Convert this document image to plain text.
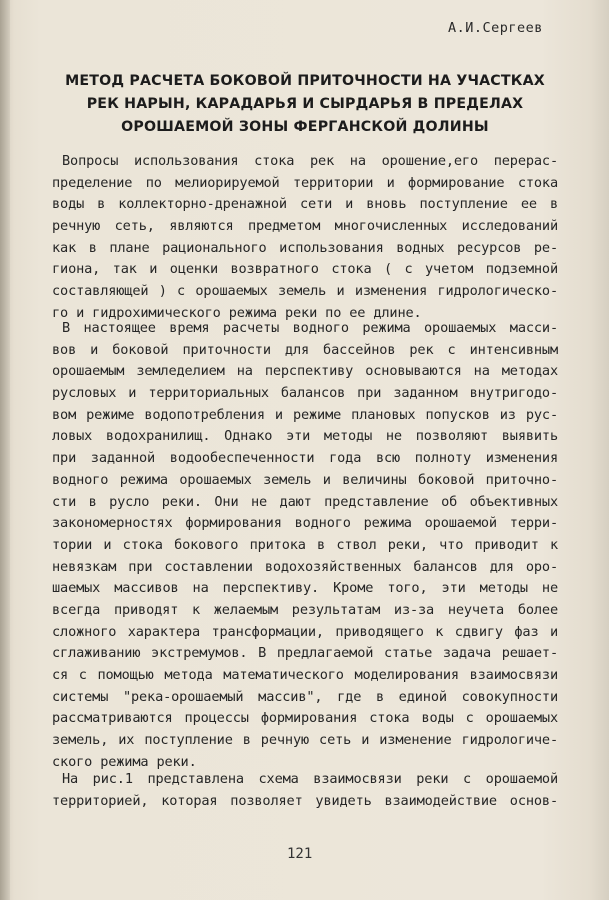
А.И.Сергеев
МЕТОД РАСЧЕТА БОКОВОЙ ПРИТОЧНОСТИ НА УЧАСТКАХ
РЕК НАРЫН, КАРАДАРЬЯ И СЫРДАРЬЯ В ПРЕДЕЛАХ
ОРОШАЕМОЙ ЗОНЫ ФЕРГАНСКОЙ ДОЛИНЫ
Вопросы использования стока рек на орошение,его перерас-
пределение по мелиорируемой территории и формирование стока
воды в коллекторно-дренажной сети и вновь поступление ее в
речную сеть, являются предметом многочисленных исследований
как в плане рационального использования водных ресурсов ре-
гиона, так и оценки возвратного стока ( с учетом подземной
составляющей ) с орошаемых земель и изменения гидрологическо-
го и гидрохимического режима реки по ее длине.
В настоящее время расчеты водного режима орошаемых масси-
вов и боковой приточности для бассейнов рек с интенсивным
орошаемым земледелием на перспективу основываются на методах
русловых и территориальных балансов при заданном внутригодо-
вом режиме водопотребления и режиме плановых попусков из рус-
ловых водохранилищ. Однако эти методы не позволяют выявить
при заданной водообеспеченности года всю полноту изменения
водного режима орошаемых земель и величины боковой приточно-
сти в русло реки. Они не дают представление об объективных
закономерностях формирования водного режима орошаемой терри-
тории и стока бокового притока в ствол реки, что приводит к
невязкам при составлении водохозяйственных балансов для оро-
шаемых массивов на перспективу. Кроме того, эти методы не
всегда приводят к желаемым результатам из-за неучета более
сложного характера трансформации, приводящего к сдвигу фаз и
сглаживанию экстремумов. В предлагаемой статье задача решает-
ся с помощью метода математического моделирования взаимосвязи
системы "река-орошаемый массив", где в единой совокупности
рассматриваются процессы формирования стока воды с орошаемых
земель, их поступление в речную сеть и изменение гидрологиче-
ского режима реки.
На рис.1 представлена схема взаимосвязи реки с орошаемой
территорией, которая позволяет увидеть взаимодействие основ-
121
